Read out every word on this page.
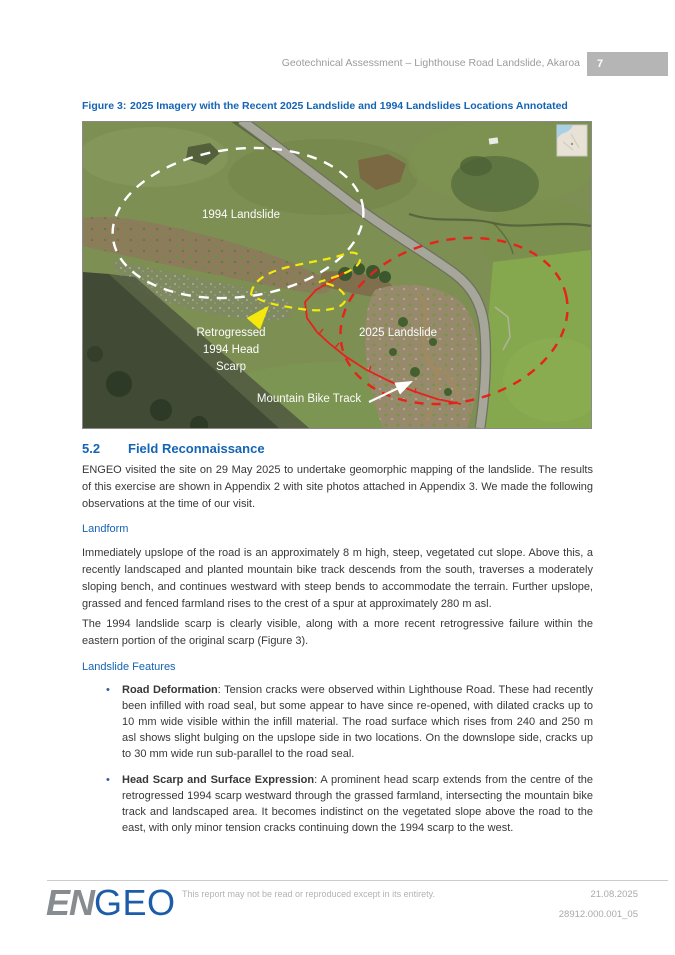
Geotechnical Assessment – Lighthouse Road Landslide, Akaroa	7
Figure 3: 2025 Imagery with the Recent 2025 Landslide and 1994 Landslides Locations Annotated
1994 Landslide
Retrogressed
1994 Head
Scarp
2025 Landslide
Mountain Bike Track
5.2 Field Reconnaissance

ENGEO visited the site on 29 May 2025 to undertake geomorphic mapping of the landslide. The results of this exercise are shown in Appendix 2 with site photos attached in Appendix 3. We made the following observations at the time of our visit.

Landform

Immediately upslope of the road is an approximately 8 m high, steep, vegetated cut slope. Above this, a recently landscaped and planted mountain bike track descends from the south, traverses a moderately sloping bench, and continues westward with steep bends to accommodate the terrain. Further upslope, grassed and fenced farmland rises to the crest of a spur at approximately 280 m asl.

The 1994 landslide scarp is clearly visible, along with a more recent retrogressive failure within the eastern portion of the original scarp (Figure 3).

Landslide Features
•	Road Deformation: Tension cracks were observed within Lighthouse Road. These had recently been infilled with road seal, but some appear to have since re-opened, with dilated cracks up to 10 mm wide visible within the infill material. The road surface which rises from 240 and 250 m asl shows slight bulging on the upslope side in two locations. On the downslope side, cracks up to 30 mm wide run sub-parallel to the road seal.

•	Head Scarp and Surface Expression: A prominent head scarp extends from the centre of the retrogressed 1994 scarp westward through the grassed farmland, intersecting the mountain bike track and landscaped area. It becomes indistinct on the vegetated slope above the road to the east, with only minor tension cracks continuing down the 1994 scarp to the west.

ENGEO This report may not be read or reproduced except in its entirety.	21.08.2025
28912.000.001_05
